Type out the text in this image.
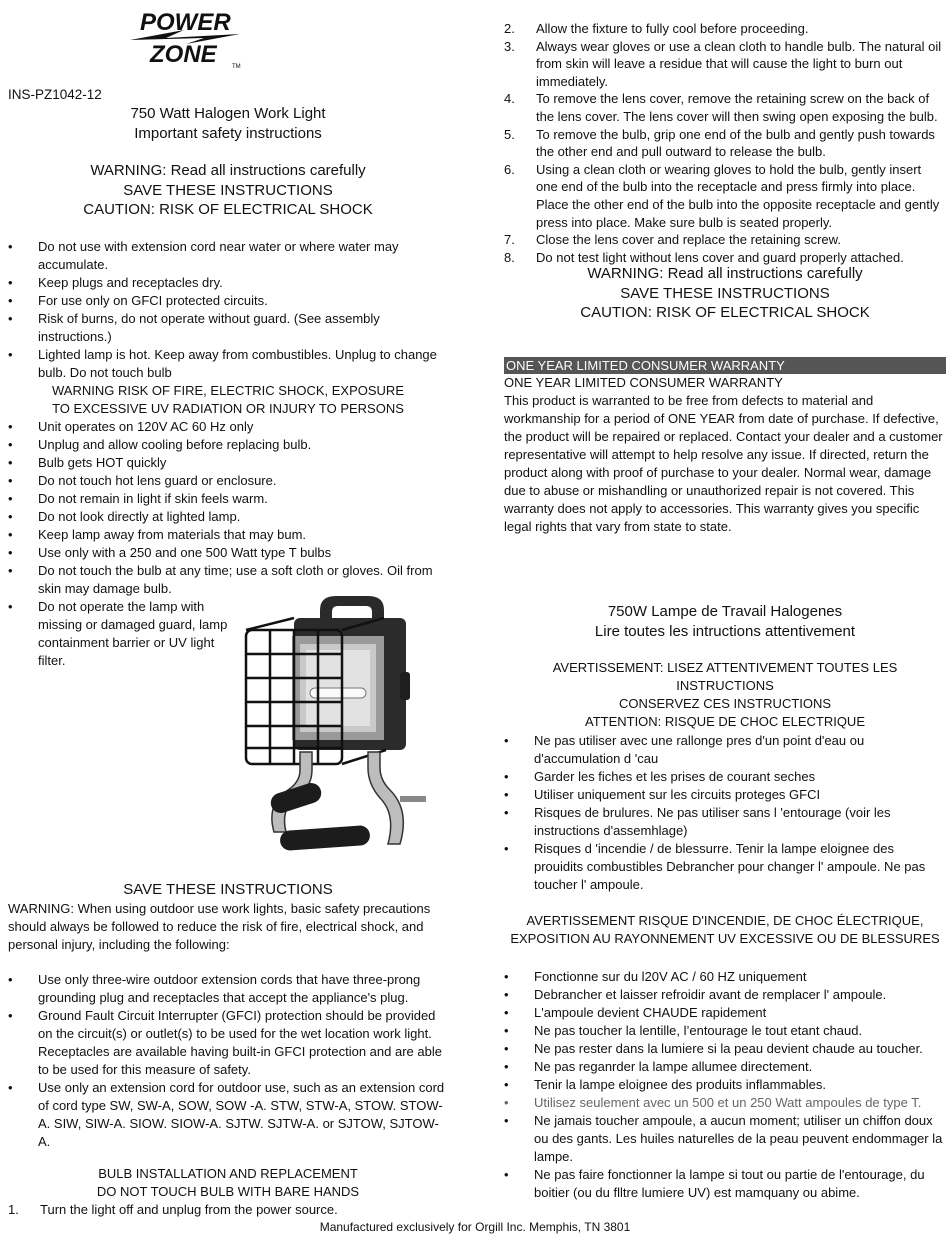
POWER
ZONE	TM
INS-PZ1042-12
750 Watt Halogen Work Light
Important safety instructions
WARNING: Read all instructions carefully
SAVE THESE INSTRUCTIONS
CAUTION: RISK OF ELECTRICAL SHOCK
• Do not use with extension cord near water or where water may accumulate.
• Keep plugs and receptacles dry.
• For use only on GFCI protected circuits.
• Risk of burns, do not operate without guard. (See assembly instructions.)
• Lighted lamp is hot. Keep away from combustibles. Unplug to change bulb. Do not touch bulb
WARNING RISK OF FIRE, ELECTRIC SHOCK, EXPOSURE
TO EXCESSIVE UV RADIATION OR INJURY TO PERSONS
• Unit operates on 120V AC 60 Hz only
• Unplug and allow cooling before replacing bulb.
• Bulb gets HOT quickly
• Do not touch hot lens guard or enclosure.
• Do not remain in light if skin feels warm.
• Do not look directly at lighted lamp.
• Keep lamp away from materials that may bum.
• Use only with a 250 and one 500 Watt type T bulbs
• Do not touch the bulb at any time; use a soft cloth or gloves. Oil from skin may damage bulb.
• Do not operate the lamp with
missing or damaged guard, lamp
containment barrier or UV light
filter.
SAVE THESE INSTRUCTIONS
WARNING: When using outdoor use work lights, basic safety precautions should always be followed to reduce the risk of fire, electrical shock, and personal injury, including the following:
• Use only three-wire outdoor extension cords that have three-prong grounding plug and receptacles that accept the appliance's plug.
• Ground Fault Circuit Interrupter (GFCI) protection should be provided on the circuit(s) or outlet(s) to be used for the wet location work light. Receptacles are available having built-in GFCI protection and are able to be used for this measure of safety.
• Use only an extension cord for outdoor use, such as an extension cord of cord type SW, SW-A, SOW, SOW -A. STW, STW-A, STOW. STOW-A. SIW, SIW-A. SIOW. SIOW-A. SJTW. SJTW-A. or SJTOW, SJTOW-A.
BULB INSTALLATION AND REPLACEMENT
DO NOT TOUCH BULB WITH BARE HANDS
1. Turn the light off and unplug from the power source.
2. Allow the fixture to fully cool before proceeding.
3. Always wear gloves or use a clean cloth to handle bulb. The natural oil from skin will leave a residue that will cause the light to burn out immediately.
4. To remove the lens cover, remove the retaining screw on the back of the lens cover. The lens cover will then swing open exposing the bulb.
5. To remove the bulb, grip one end of the bulb and gently push towards the other end and pull outward to release the bulb.
6. Using a clean cloth or wearing gloves to hold the bulb, gently insert one end of the bulb into the receptacle and press firmly into place. Place the other end of the bulb into the opposite receptacle and gently press into place. Make sure bulb is seated properly.
7. Close the lens cover and replace the retaining screw.
8. Do not test light without lens cover and guard properly attached.
WARNING: Read all instructions carefully
SAVE THESE INSTRUCTIONS
CAUTION: RISK OF ELECTRICAL SHOCK
ONE YEAR LIMITED CONSUMER WARRANTY
ONE YEAR LIMITED CONSUMER WARRANTY
This product is warranted to be free from defects to material and workmanship for a period of ONE YEAR from date of purchase. If defective, the product will be repaired or replaced. Contact your dealer and a customer representative will attempt to help resolve any issue. If directed, return the product along with proof of purchase to your dealer. Normal wear, damage due to abuse or mishandling or unauthorized repair is not covered. This warranty does not apply to accessories. This warranty gives you specific legal rights that vary from state to state.
750W Lampe de Travail Halogenes
Lire toutes les intructions attentivement
AVERTISSEMENT: LISEZ ATTENTIVEMENT TOUTES LES INSTRUCTIONS
CONSERVEZ CES INSTRUCTIONS
ATTENTION: RISQUE DE CHOC ELECTRIQUE
• Ne pas utiliser avec une rallonge pres d'un point d'eau ou d'accumulation d 'cau
• Garder les fiches et les prises de courant seches
• Utiliser uniquement sur les circuits proteges GFCI
• Risques de brulures. Ne pas utiliser sans l 'entourage (voir les instructions d'assemhlage)
• Risques d 'incendie / de blessurre. Tenir la lampe eloignee des prouidits combustibles Debrancher pour changer l' ampoule. Ne pas toucher l' ampoule.
AVERTISSEMENT RISQUE D'INCENDIE, DE CHOC ÉLECTRIQUE,
EXPOSITION AU RAYONNEMENT UV EXCESSIVE OU DE BLESSURES
• Fonctionne sur du l20V AC / 60 HZ uniquement
• Debrancher et laisser refroidir avant de remplacer l' ampoule.
• L'ampoule devient CHAUDE rapidement
• Ne pas toucher la lentille, l’entourage le tout etant chaud.
• Ne pas rester dans la lumiere si la peau devient chaude au toucher.
• Ne pas reganrder la lampe allumee directement.
• Tenir la lampe eloignee des produits inflammables.
• Utilisez seulement avec un 500 et un 250 Watt ampoules de type T.
• Ne jamais toucher ampoule, a aucun moment; utiliser un chiffon doux ou des gants. Les huiles naturelles de la peau peuvent endommager la lampe.
• Ne pas faire fonctionner la lampe si tout ou partie de l'entourage, du boitier (ou du flltre lumiere UV) est mamquany ou abime.
Manufactured exclusively for Orgill Inc. Memphis, TN 3801
